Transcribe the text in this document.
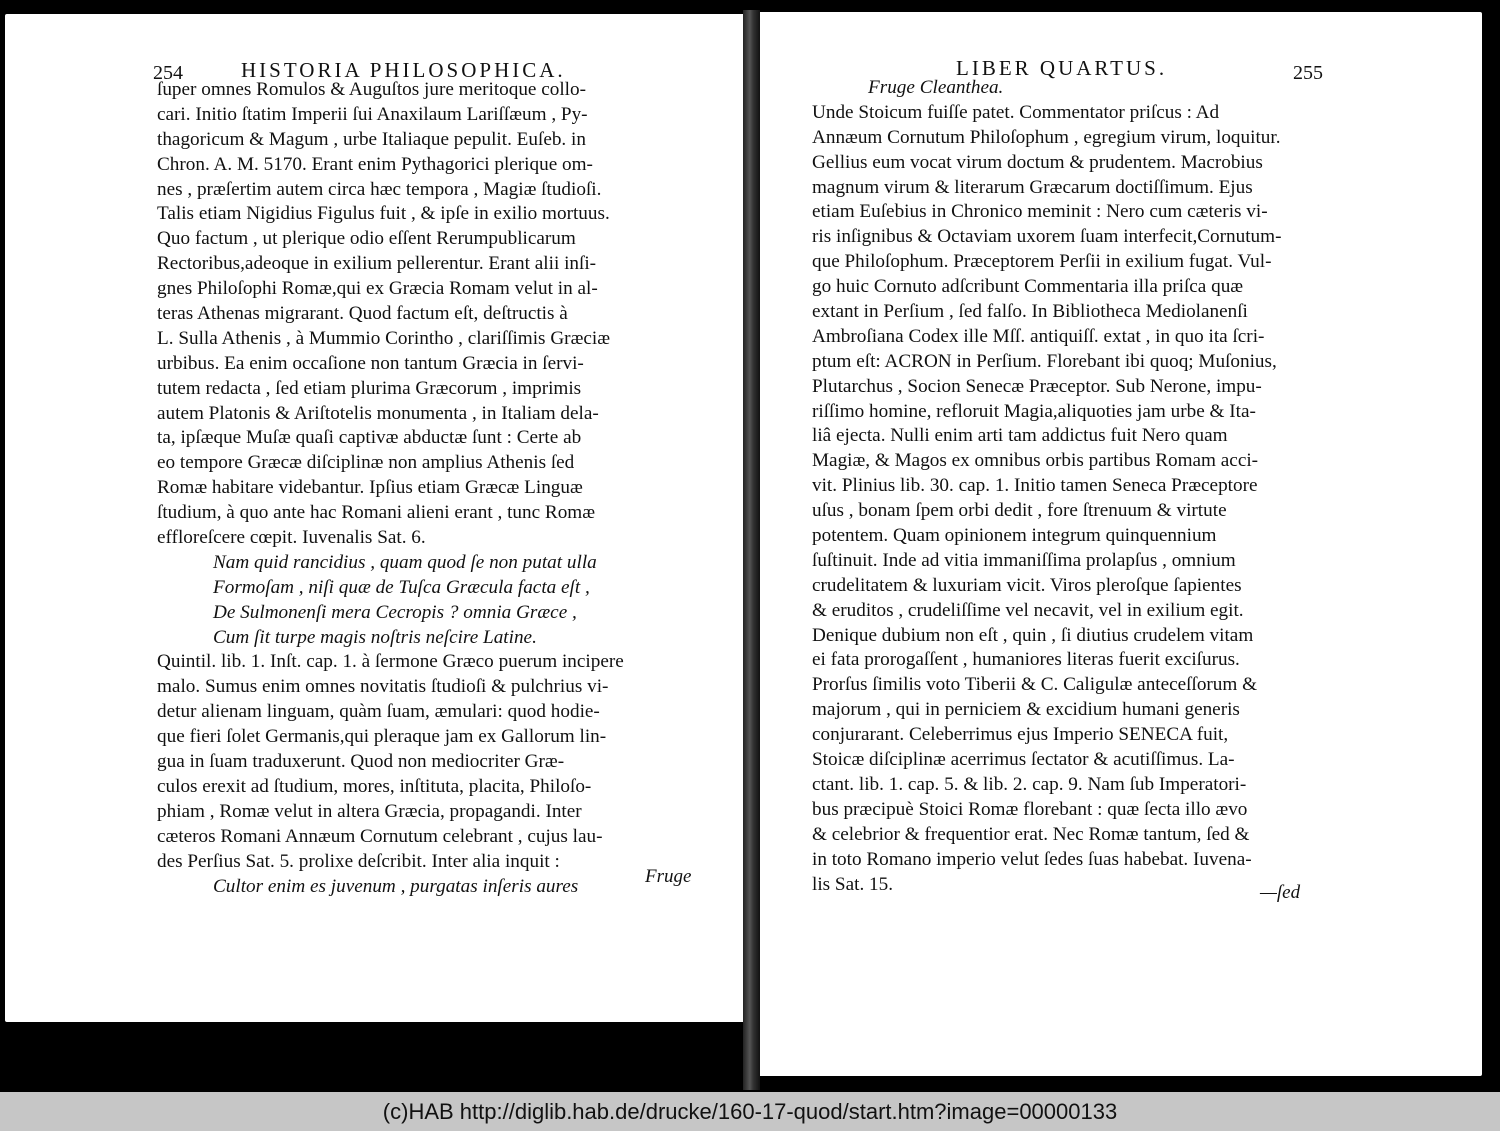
254	HISTORIA PHILOSOPHICA.
ſuper omnes Romulos & Auguſtos jure meritoque collo-
cari. Initio ſtatim Imperii ſui Anaxilaum Lariſſæum , Py-
thagoricum & Magum , urbe Italiaque pepulit. Euſeb. in
Chron. A. M. 5170. Erant enim Pythagorici plerique om-
nes , præſertim autem circa hæc tempora , Magiæ ſtudioſi.
Talis etiam Nigidius Figulus fuit , & ipſe in exilio mortuus.
Quo factum , ut plerique odio eſſent Rerumpublicarum
Rectoribus,adeoque in exilium pellerentur. Erant alii inſi-
gnes Philoſophi Romæ,qui ex Græcia Romam velut in al-
teras Athenas migrarant. Quod factum eſt, deſtructis à
L. Sulla Athenis , à Mummio Corintho , clariſſimis Græciæ
urbibus. Ea enim occaſione non tantum Græcia in ſervi-
tutem redacta , ſed etiam plurima Græcorum , imprimis
autem Platonis & Ariſtotelis monumenta , in Italiam dela-
ta, ipſæque Muſæ quaſi captivæ abductæ ſunt : Certe ab
eo tempore Græcæ diſciplinæ non amplius Athenis ſed
Romæ habitare videbantur. Ipſius etiam Græcæ Linguæ
ſtudium, à quo ante hac Romani alieni erant , tunc Romæ
effloreſcere cœpit. Iuvenalis Sat. 6.
Nam quid rancidius , quam quod ſe non putat ulla
Formoſam , niſi quæ de Tuſca Græcula facta eſt ,
De Sulmonenſi mera Cecropis ? omnia Græce ,
Cum ſit turpe magis noſtris neſcire Latine.
Quintil. lib. 1. Inſt. cap. 1. à ſermone Græco puerum incipere
malo. Sumus enim omnes novitatis ſtudioſi & pulchrius vi-
detur alienam linguam, quàm ſuam, æmulari: quod hodie-
que fieri ſolet Germanis,qui pleraque jam ex Gallorum lin-
gua in ſuam traduxerunt. Quod non mediocriter Græ-
culos erexit ad ſtudium, mores, inſtituta, placita, Philoſo-
phiam , Romæ velut in altera Græcia, propagandi. Inter
cæteros Romani Annæum Cornutum celebrant , cujus lau-
des Perſius Sat. 5. prolixe deſcribit. Inter alia inquit :
Cultor enim es juvenum , purgatas inſeris aures	Fruge
LIBER QUARTUS.	255
Fruge Cleanthea.
Unde Stoicum fuiſſe patet. Commentator priſcus : Ad
Annæum Cornutum Philoſophum , egregium virum, loquitur.
Gellius eum vocat virum doctum & prudentem. Macrobius
magnum virum & literarum Græcarum doctiſſimum. Ejus
etiam Euſebius in Chronico meminit : Nero cum cæteris vi-
ris inſignibus & Octaviam uxorem ſuam interfecit,Cornutum-
que Philoſophum. Præceptorem Perſii in exilium fugat. Vul-
go huic Cornuto adſcribunt Commentaria illa priſca quæ
extant in Perſium , ſed falſo. In Bibliotheca Mediolanenſi
Ambroſiana Codex ille Mſſ. antiquiſſ. extat , in quo ita ſcri-
ptum eſt: ACRON in Perſium. Florebant ibi quoq; Muſonius,
Plutarchus , Socion Senecæ Præceptor. Sub Nerone, impu-
riſſimo homine, refloruit Magia,aliquoties jam urbe & Ita-
liâ ejecta. Nulli enim arti tam addictus fuit Nero quam
Magiæ, & Magos ex omnibus orbis partibus Romam acci-
vit. Plinius lib. 30. cap. 1. Initio tamen Seneca Præceptore
uſus , bonam ſpem orbi dedit , fore ſtrenuum & virtute
potentem. Quam opinionem integrum quinquennium
ſuſtinuit. Inde ad vitia immaniſſima prolapſus , omnium
crudelitatem & luxuriam vicit. Viros pleroſque ſapientes
& eruditos , crudeliſſime vel necavit, vel in exilium egit.
Denique dubium non eſt , quin , ſi diutius crudelem vitam
ei fata prorogaſſent , humaniores literas fuerit exciſurus.
Prorſus ſimilis voto Tiberii & C. Caligulæ anteceſſorum &
majorum , qui in perniciem & excidium humani generis
conjurarant. Celeberrimus ejus Imperio SENECA fuit,
Stoicæ diſciplinæ acerrimus ſectator & acutiſſimus. La-
ctant. lib. 1. cap. 5. & lib. 2. cap. 9. Nam ſub Imperatori-
bus præcipuè Stoici Romæ florebant : quæ ſecta illo ævo
& celebrior & frequentior erat. Nec Romæ tantum, ſed &
in toto Romano imperio velut ſedes ſuas habebat. Iuvena-
lis Sat. 15.	—ſed
(c)HAB http://diglib.hab.de/drucke/160-17-quod/start.htm?image=00000133
